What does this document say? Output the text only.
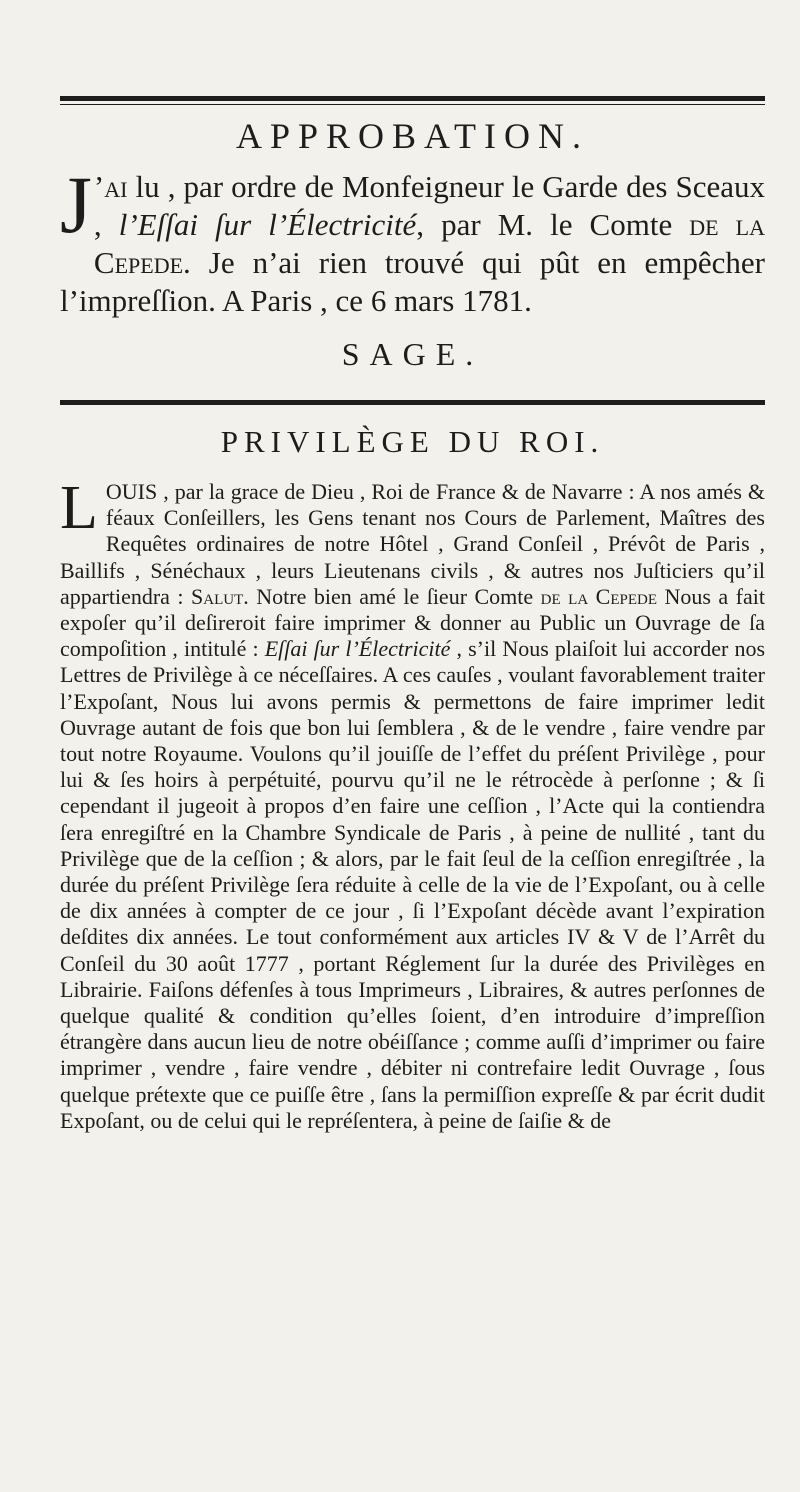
APPROBATION.
J ’ai lu , par ordre de Monfeigneur le Garde des Sceaux , l’Eſſai ſur l’Électricité, par M. le Comte de la Cepede. Je n’ai rien trouvé qui pût en empêcher l’impreſſion. A Paris , ce 6 mars 1781.
SAGE.
PRIVILÈGE DU ROI.
LOUIS , par la grace de Dieu , Roi de France & de Navarre : A nos amés & féaux Conſeillers, les Gens tenant nos Cours de Parlement, Maîtres des Requêtes ordinaires de notre Hôtel , Grand Conſeil , Prévôt de Paris , Baillifs , Sénéchaux , leurs Lieutenans civils , & autres nos Juſticiers qu’il appartiendra : Salut. Notre bien amé le ſieur Comte de la Cepede Nous a fait expoſer qu’il deſireroit faire imprimer & donner au Public un Ouvrage de ſa compoſition , intitulé : Eſſai ſur l’Électricité , s’il Nous plaiſoit lui accorder nos Lettres de Privilège à ce néceſſaires. A ces cauſes , voulant favorablement traiter l’Expoſant, Nous lui avons permis & permettons de faire imprimer ledit Ouvrage autant de fois que bon lui ſemblera , & de le vendre , faire vendre par tout notre Royaume. Voulons qu’il jouiſſe de l’effet du préſent Privilège , pour lui & ſes hoirs à perpétuité, pourvu qu’il ne le rétrocède à perſonne ; & ſi cependant il jugeoit à propos d’en faire une ceſſion , l’Acte qui la contiendra ſera enregiſtré en la Chambre Syndicale de Paris , à peine de nullité , tant du Privilège que de la ceſſion ; & alors, par le fait ſeul de la ceſſion enregiſtrée , la durée du préſent Privilège ſera réduite à celle de la vie de l’Expoſant, ou à celle de dix années à compter de ce jour , ſi l’Expoſant décède avant l’expiration deſdites dix années. Le tout conformément aux articles IV & V de l’Arrêt du Conſeil du 30 août 1777 , portant Réglement ſur la durée des Privilèges en Librairie. Faiſons défenſes à tous Imprimeurs , Libraires, & autres perſonnes de quelque qualité & condition qu’elles ſoient, d’en introduire d’impreſſion étrangère dans aucun lieu de notre obéiſſance ; comme auſſi d’imprimer ou faire imprimer , vendre , faire vendre , débiter ni contrefaire ledit Ouvrage , ſous quelque prétexte que ce puiſſe être , ſans la permiſſion expreſſe & par écrit dudit Expoſant, ou de celui qui le repréſentera, à peine de ſaiſie & de
